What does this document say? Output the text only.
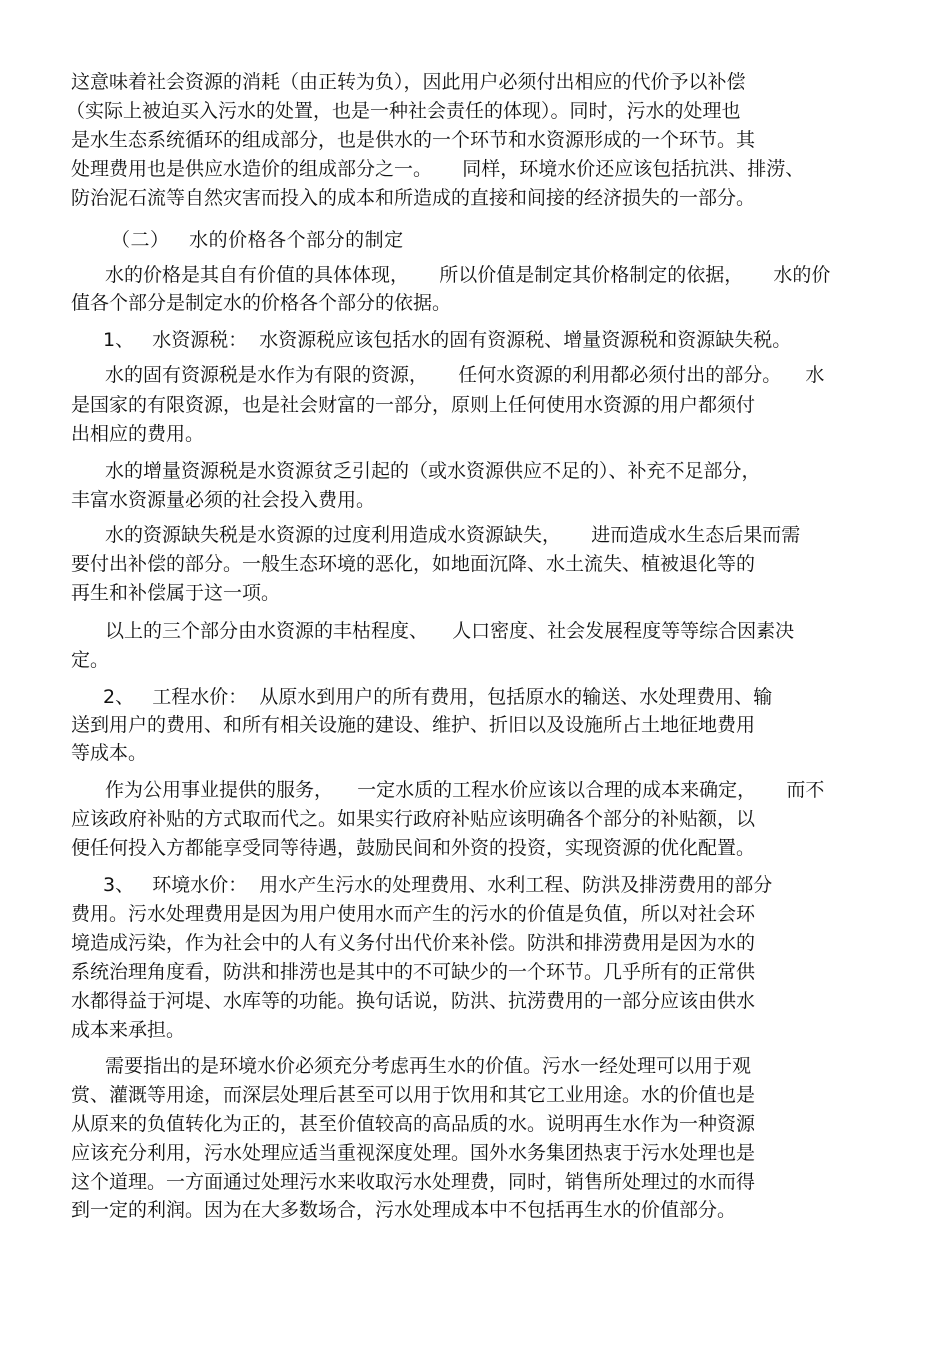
这意味着社会资源的消耗（由正转为负），因此用户必须付出相应的代价予以补偿
（实际上被迫买入污水的处置，也是一种社会责任的体现）。同时，污水的处理也
是水生态系统循环的组成部分，也是供水的一个环节和水资源形成的一个环节。其
处理费用也是供应水造价的组成部分之一。     同样，环境水价还应该包括抗洪、排涝、
防治泥石流等自然灾害而投入的成本和所造成的直接和间接的经济损失的一部分。
（二）   水的价格各个部分的制定
水的价格是其自有价值的具体体现，     所以价值是制定其价格制定的依据，     水的价
值各个部分是制定水的价格各个部分的依据。
1、   水资源税：  水资源税应该包括水的固有资源税、增量资源税和资源缺失税。
水的固有资源税是水作为有限的资源，     任何水资源的利用都必须付出的部分。    水
是国家的有限资源，也是社会财富的一部分，原则上任何使用水资源的用户都须付
出相应的费用。
水的增量资源税是水资源贫乏引起的（或水资源供应不足的）、补充不足部分，
丰富水资源量必须的社会投入费用。
水的资源缺失税是水资源的过度利用造成水资源缺失，     进而造成水生态后果而需
要付出补偿的部分。一般生态环境的恶化，如地面沉降、水土流失、植被退化等的
再生和补偿属于这一项。
以上的三个部分由水资源的丰枯程度、    人口密度、社会发展程度等等综合因素决
定。
2、   工程水价：  从原水到用户的所有费用，包括原水的输送、水处理费用、输
送到用户的费用、和所有相关设施的建设、维护、折旧以及设施所占土地征地费用
等成本。
作为公用事业提供的服务，    一定水质的工程水价应该以合理的成本来确定，     而不
应该政府补贴的方式取而代之。如果实行政府补贴应该明确各个部分的补贴额，以
便任何投入方都能享受同等待遇，鼓励民间和外资的投资，实现资源的优化配置。
3、   环境水价：  用水产生污水的处理费用、水利工程、防洪及排涝费用的部分
费用。污水处理费用是因为用户使用水而产生的污水的价值是负值，所以对社会环
境造成污染，作为社会中的人有义务付出代价来补偿。防洪和排涝费用是因为水的
系统治理角度看，防洪和排涝也是其中的不可缺少的一个环节。几乎所有的正常供
水都得益于河堤、水库等的功能。换句话说，防洪、抗涝费用的一部分应该由供水
成本来承担。
需要指出的是环境水价必须充分考虑再生水的价值。污水一经处理可以用于观
赏、灌溉等用途，而深层处理后甚至可以用于饮用和其它工业用途。水的价值也是
从原来的负值转化为正的，甚至价值较高的高品质的水。说明再生水作为一种资源
应该充分利用，污水处理应适当重视深度处理。国外水务集团热衷于污水处理也是
这个道理。一方面通过处理污水来收取污水处理费，同时，销售所处理过的水而得
到一定的利润。因为在大多数场合，污水处理成本中不包括再生水的价值部分。
